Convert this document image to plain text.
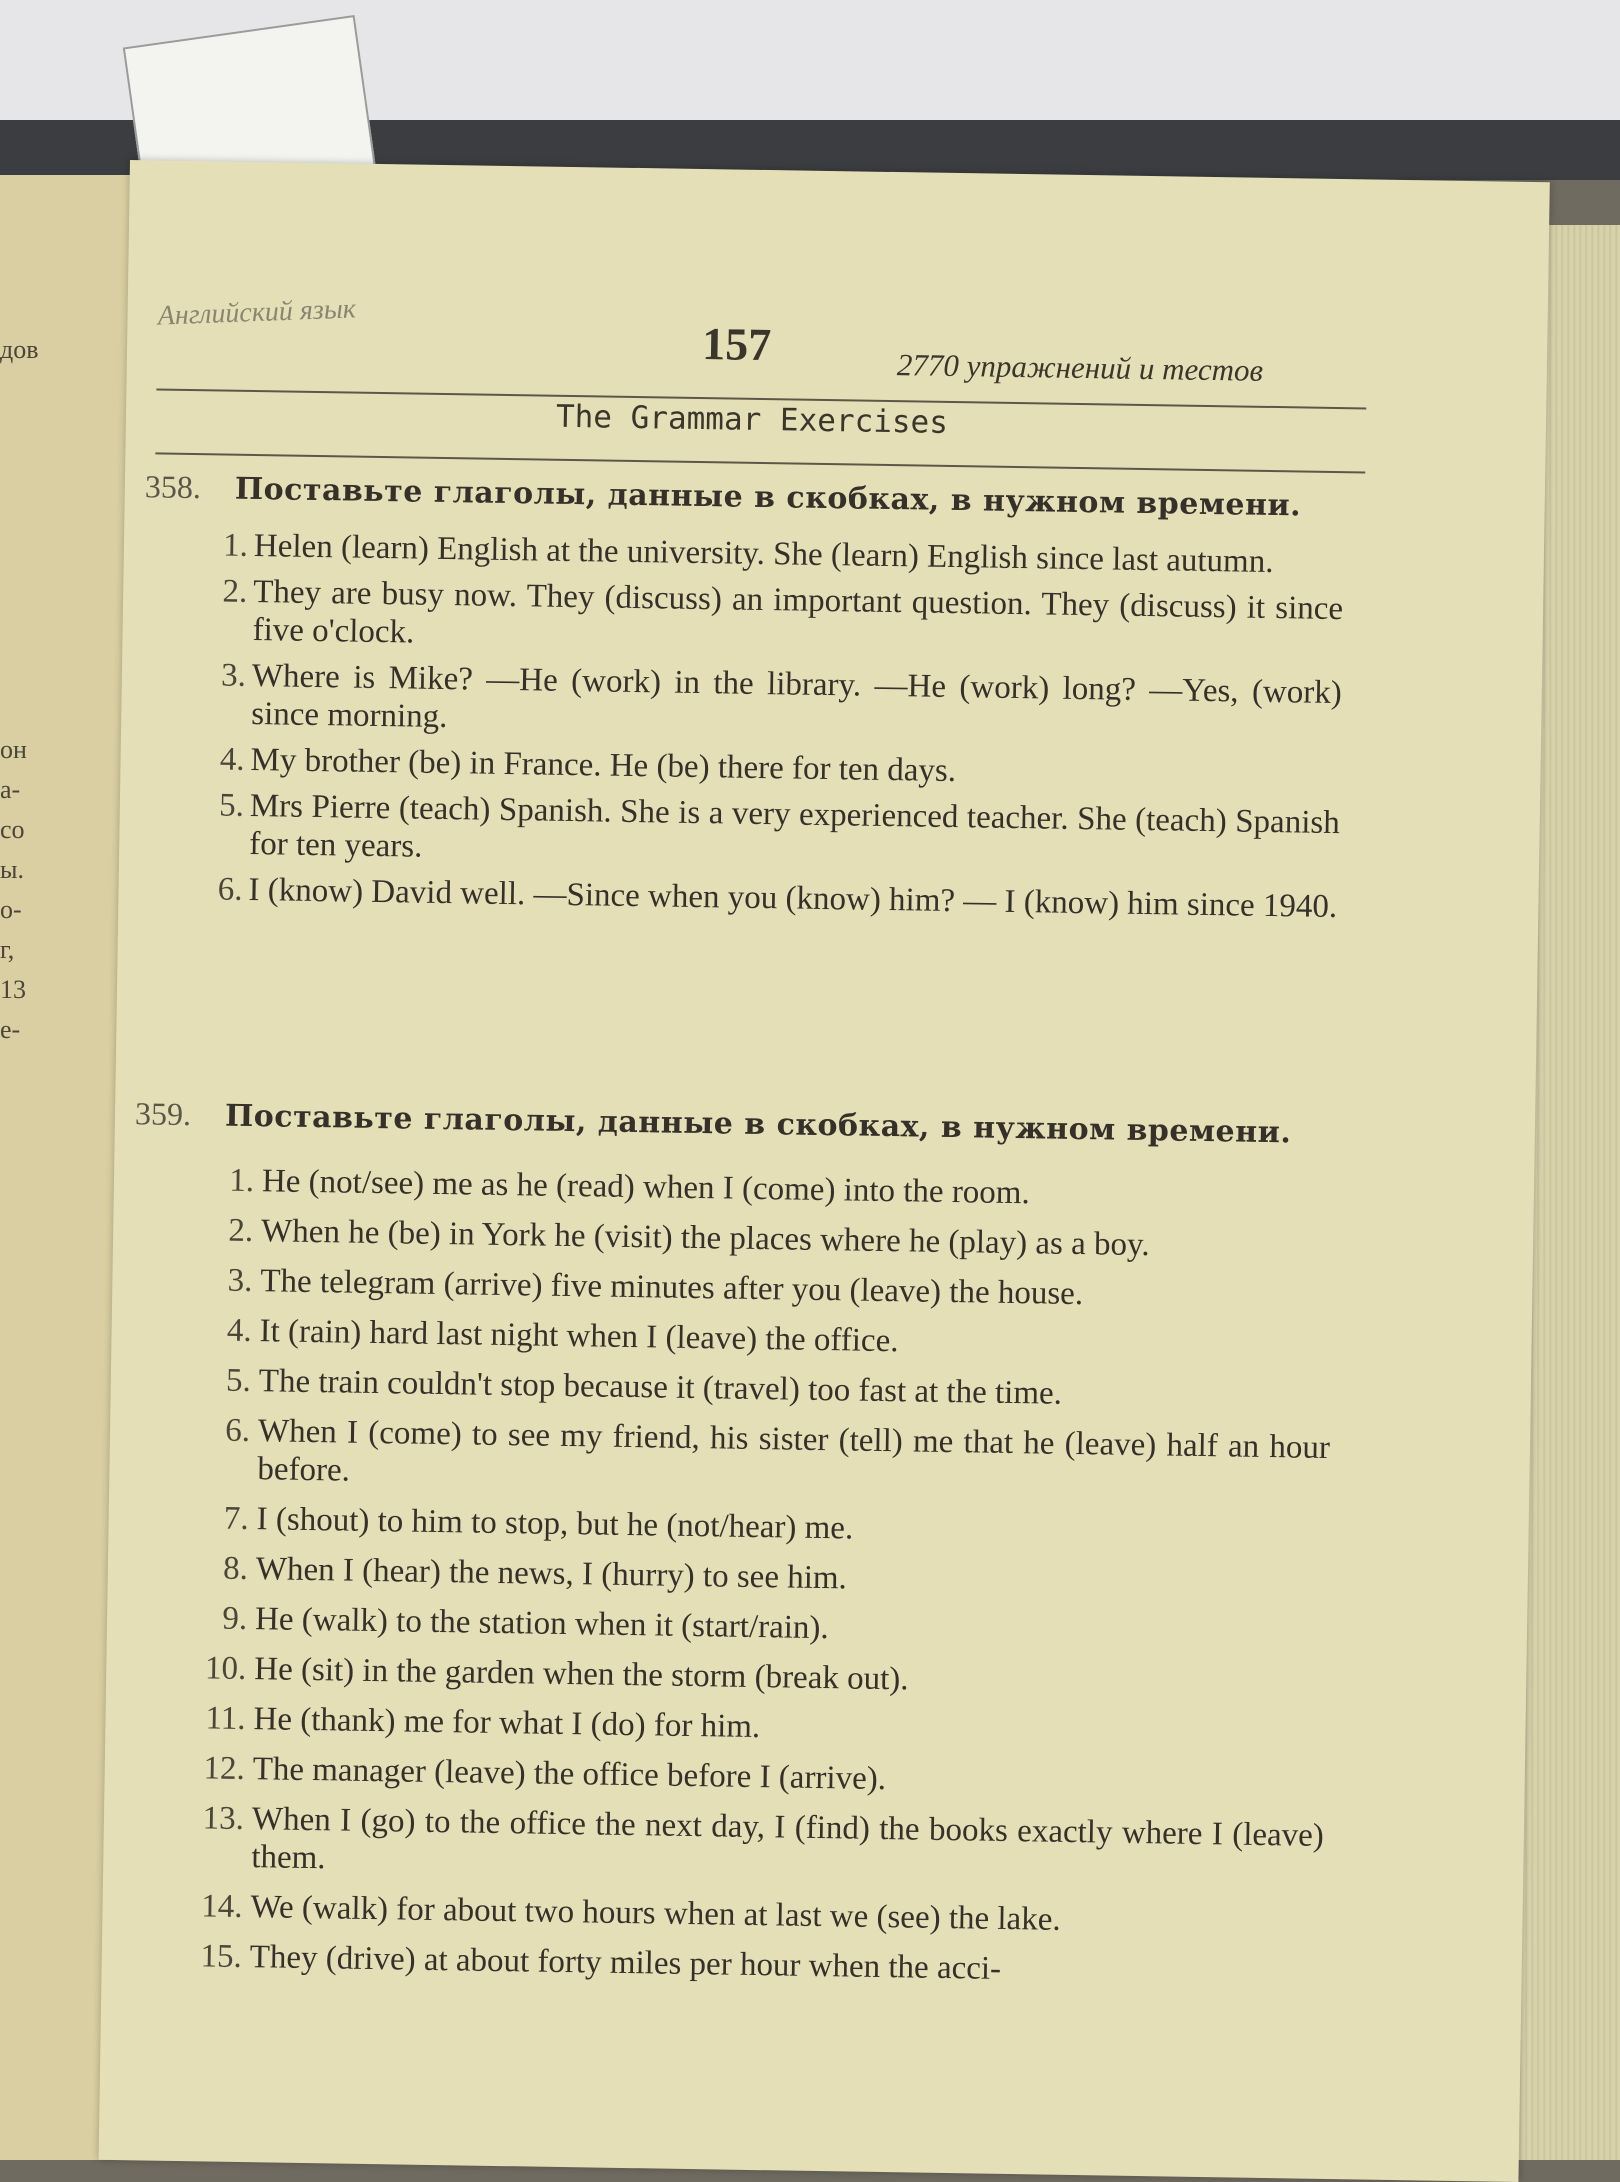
дов
он
а-
со
ы.
о-
г,
13
е-
Английский язык
157	2770 упражнений и тестов
The Grammar Exercises
358. Поставьте глаголы, данные в скобках, в нужном времени.
1. Helen (learn) English at the university. She (learn) English since last autumn.
2. They are busy now. They (discuss) an important question. They (discuss) it since five o'clock.
3. Where is Mike? —He (work) in the library. —He (work) long? —Yes, (work) since morning.
4. My brother (be) in France. He (be) there for ten days.
5. Mrs Pierre (teach) Spanish. She is a very experienced teacher. She (teach) Spanish for ten years.
6. I (know) David well. —Since when you (know) him? — I (know) him since 1940.
359. Поставьте глаголы, данные в скобках, в нужном времени.
1. He (not/see) me as he (read) when I (come) into the room.
2. When he (be) in York he (visit) the places where he (play) as a boy.
3. The telegram (arrive) five minutes after you (leave) the house.
4. It (rain) hard last night when I (leave) the office.
5. The train couldn't stop because it (travel) too fast at the time.
6. When I (come) to see my friend, his sister (tell) me that he (leave) half an hour before.
7. I (shout) to him to stop, but he (not/hear) me.
8. When I (hear) the news, I (hurry) to see him.
9. He (walk) to the station when it (start/rain).
10. He (sit) in the garden when the storm (break out).
11. He (thank) me for what I (do) for him.
12. The manager (leave) the office before I (arrive).
13. When I (go) to the office the next day, I (find) the books exactly where I (leave) them.
14. We (walk) for about two hours when at last we (see) the lake.
15. They (drive) at about forty miles per hour when the acci-
